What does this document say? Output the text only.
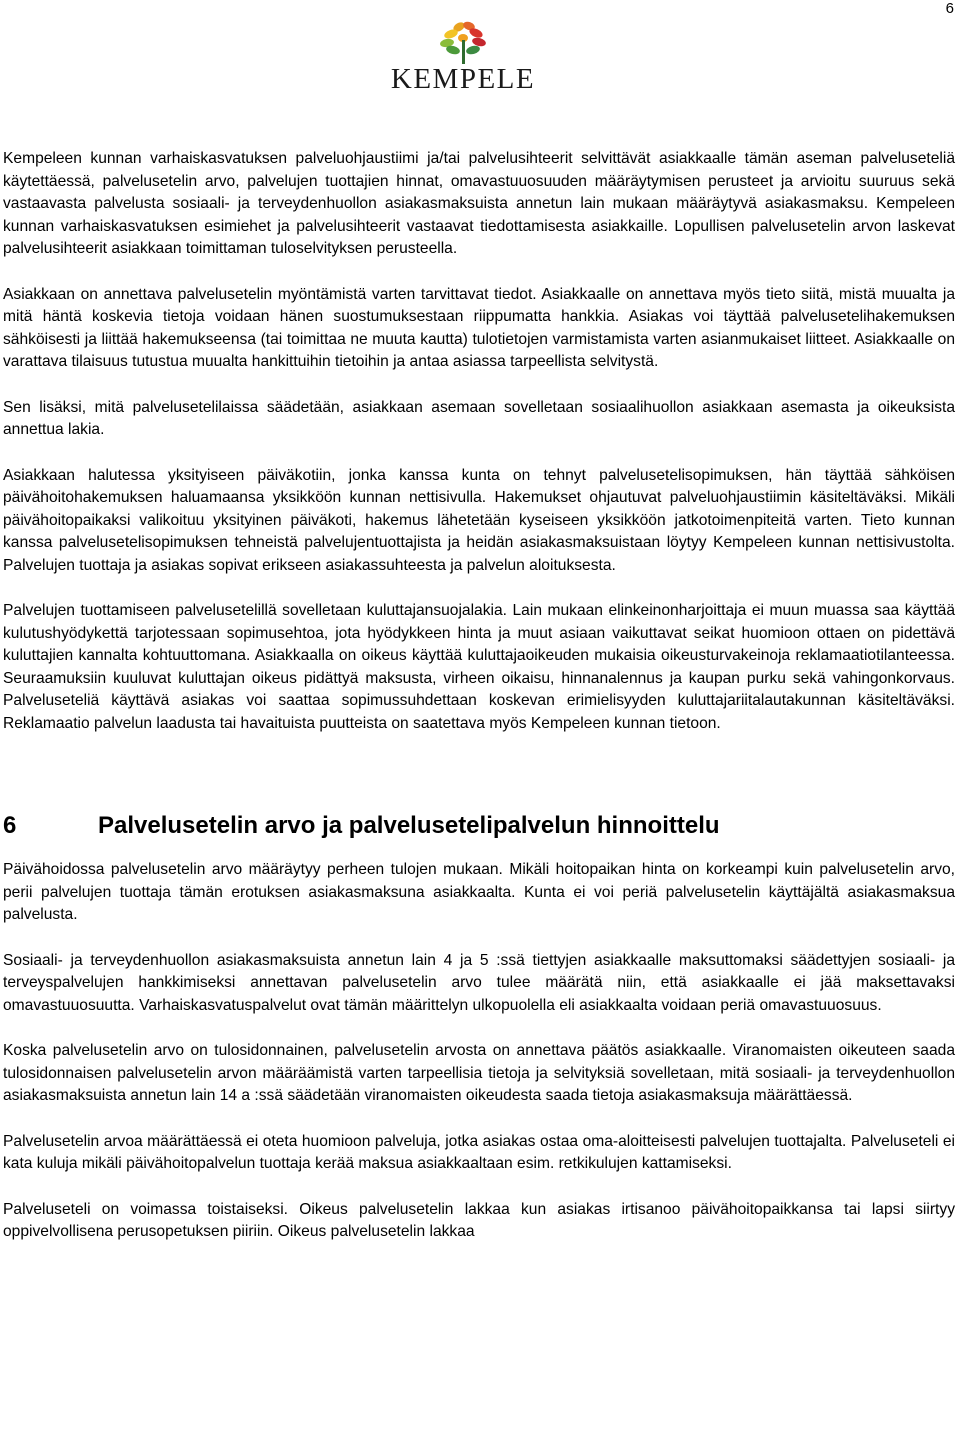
6
KEMPELE

Kempeleen kunnan varhaiskasvatuksen palveluohjaustiimi ja/tai palvelusihteerit selvittävät asiakkaalle tämän aseman palveluseteliä käytettäessä, palvelusetelin arvo, palvelujen tuottajien hinnat, omavastuuosuuden määräytymisen perusteet ja arvioitu suuruus sekä vastaavasta palvelusta sosiaali- ja terveydenhuollon asiakasmaksuista annetun lain mukaan määräytyvä asiakasmaksu. Kempeleen kunnan varhaiskasvatuksen esimiehet ja palvelusihteerit vastaavat tiedottamisesta asiakkaille. Lopullisen palvelusetelin arvon laskevat palvelusihteerit asiakkaan toimittaman tuloselvityksen perusteella.

Asiakkaan on annettava palvelusetelin myöntämistä varten tarvittavat tiedot. Asiakkaalle on annettava myös tieto siitä, mistä muualta ja mitä häntä koskevia tietoja voidaan hänen suostumuksestaan riippumatta hankkia. Asiakas voi täyttää palvelusetelihakemuksen sähköisesti ja liittää hakemukseensa (tai toimittaa ne muuta kautta) tulotietojen varmistamista varten asianmukaiset liitteet. Asiakkaalle on varattava tilaisuus tutustua muualta hankittuihin tietoihin ja antaa asiassa tarpeellista selvitystä.

Sen lisäksi, mitä palvelusetelilaissa säädetään, asiakkaan asemaan sovelletaan sosiaalihuollon asiakkaan asemasta ja oikeuksista annettua lakia.

Asiakkaan halutessa yksityiseen päiväkotiin, jonka kanssa kunta on tehnyt palvelusetelisopimuksen, hän täyttää sähköisen päivähoitohakemuksen haluamaansa yksikköön kunnan nettisivulla. Hakemukset ohjautuvat palveluohjaustiimin käsiteltäväksi. Mikäli päivähoitopaikaksi valikoituu yksityinen päiväkoti, hakemus lähetetään kyseiseen yksikköön jatkotoimenpiteitä varten. Tieto kunnan kanssa palvelusetelisopimuksen tehneistä palvelujentuottajista ja heidän asiakasmaksuistaan löytyy Kempeleen kunnan nettisivustolta. Palvelujen tuottaja ja asiakas sopivat erikseen asiakassuhteesta ja palvelun aloituksesta.

Palvelujen tuottamiseen palvelusetelillä sovelletaan kuluttajansuojalakia. Lain mukaan elinkeinonharjoittaja ei muun muassa saa käyttää kulutushyödykettä tarjotessaan sopimusehtoa, jota hyödykkeen hinta ja muut asiaan vaikuttavat seikat huomioon ottaen on pidettävä kuluttajien kannalta kohtuuttomana. Asiakkaalla on oikeus käyttää kuluttajaoikeuden mukaisia oikeusturvakeinoja reklamaatiotilanteessa. Seuraamuksiin kuuluvat kuluttajan oikeus pidättyä maksusta, virheen oikaisu, hinnanalennus ja kaupan purku sekä vahingonkorvaus. Palveluseteliä käyttävä asiakas voi saattaa sopimussuhdettaan koskevan erimielisyyden kuluttajariitalautakunnan käsiteltäväksi. Reklamaatio palvelun laadusta tai havaituista puutteista on saatettava myös Kempeleen kunnan tietoon.

6	Palvelusetelin arvo ja palvelusetelipalvelun hinnoittelu

Päivähoidossa palvelusetelin arvo määräytyy perheen tulojen mukaan. Mikäli hoitopaikan hinta on korkeampi kuin palvelusetelin arvo, perii palvelujen tuottaja tämän erotuksen asiakasmaksuna asiakkaalta. Kunta ei voi periä palvelusetelin käyttäjältä asiakasmaksua palvelusta.

Sosiaali- ja terveydenhuollon asiakasmaksuista annetun lain 4 ja 5 :ssä tiettyjen asiakkaalle maksuttomaksi säädettyjen sosiaali- ja terveyspalvelujen hankkimiseksi annettavan palvelusetelin arvo tulee määrätä niin, että asiakkaalle ei jää maksettavaksi omavastuuosuutta. Varhaiskasvatuspalvelut ovat tämän määrittelyn ulkopuolella eli asiakkaalta voidaan periä omavastuuosuus.

Koska palvelusetelin arvo on tulosidonnainen, palvelusetelin arvosta on annettava päätös asiakkaalle. Viranomaisten oikeuteen saada tulosidonnaisen palvelusetelin arvon määräämistä varten tarpeellisia tietoja ja selvityksiä sovelletaan, mitä sosiaali- ja terveydenhuollon asiakasmaksuista annetun lain 14 a :ssä säädetään viranomaisten oikeudesta saada tietoja asiakasmaksuja määrättäessä.

Palvelusetelin arvoa määrättäessä ei oteta huomioon palveluja, jotka asiakas ostaa oma-aloitteisesti palvelujen tuottajalta. Palveluseteli ei kata kuluja mikäli päivähoitopalvelun tuottaja kerää maksua asiakkaaltaan esim. retkikulujen kattamiseksi.

Palveluseteli on voimassa toistaiseksi. Oikeus palvelusetelin lakkaa kun asiakas irtisanoo päivähoitopaikkansa tai lapsi siirtyy oppivelvollisena perusopetuksen piiriin. Oikeus palvelusetelin lakkaa
